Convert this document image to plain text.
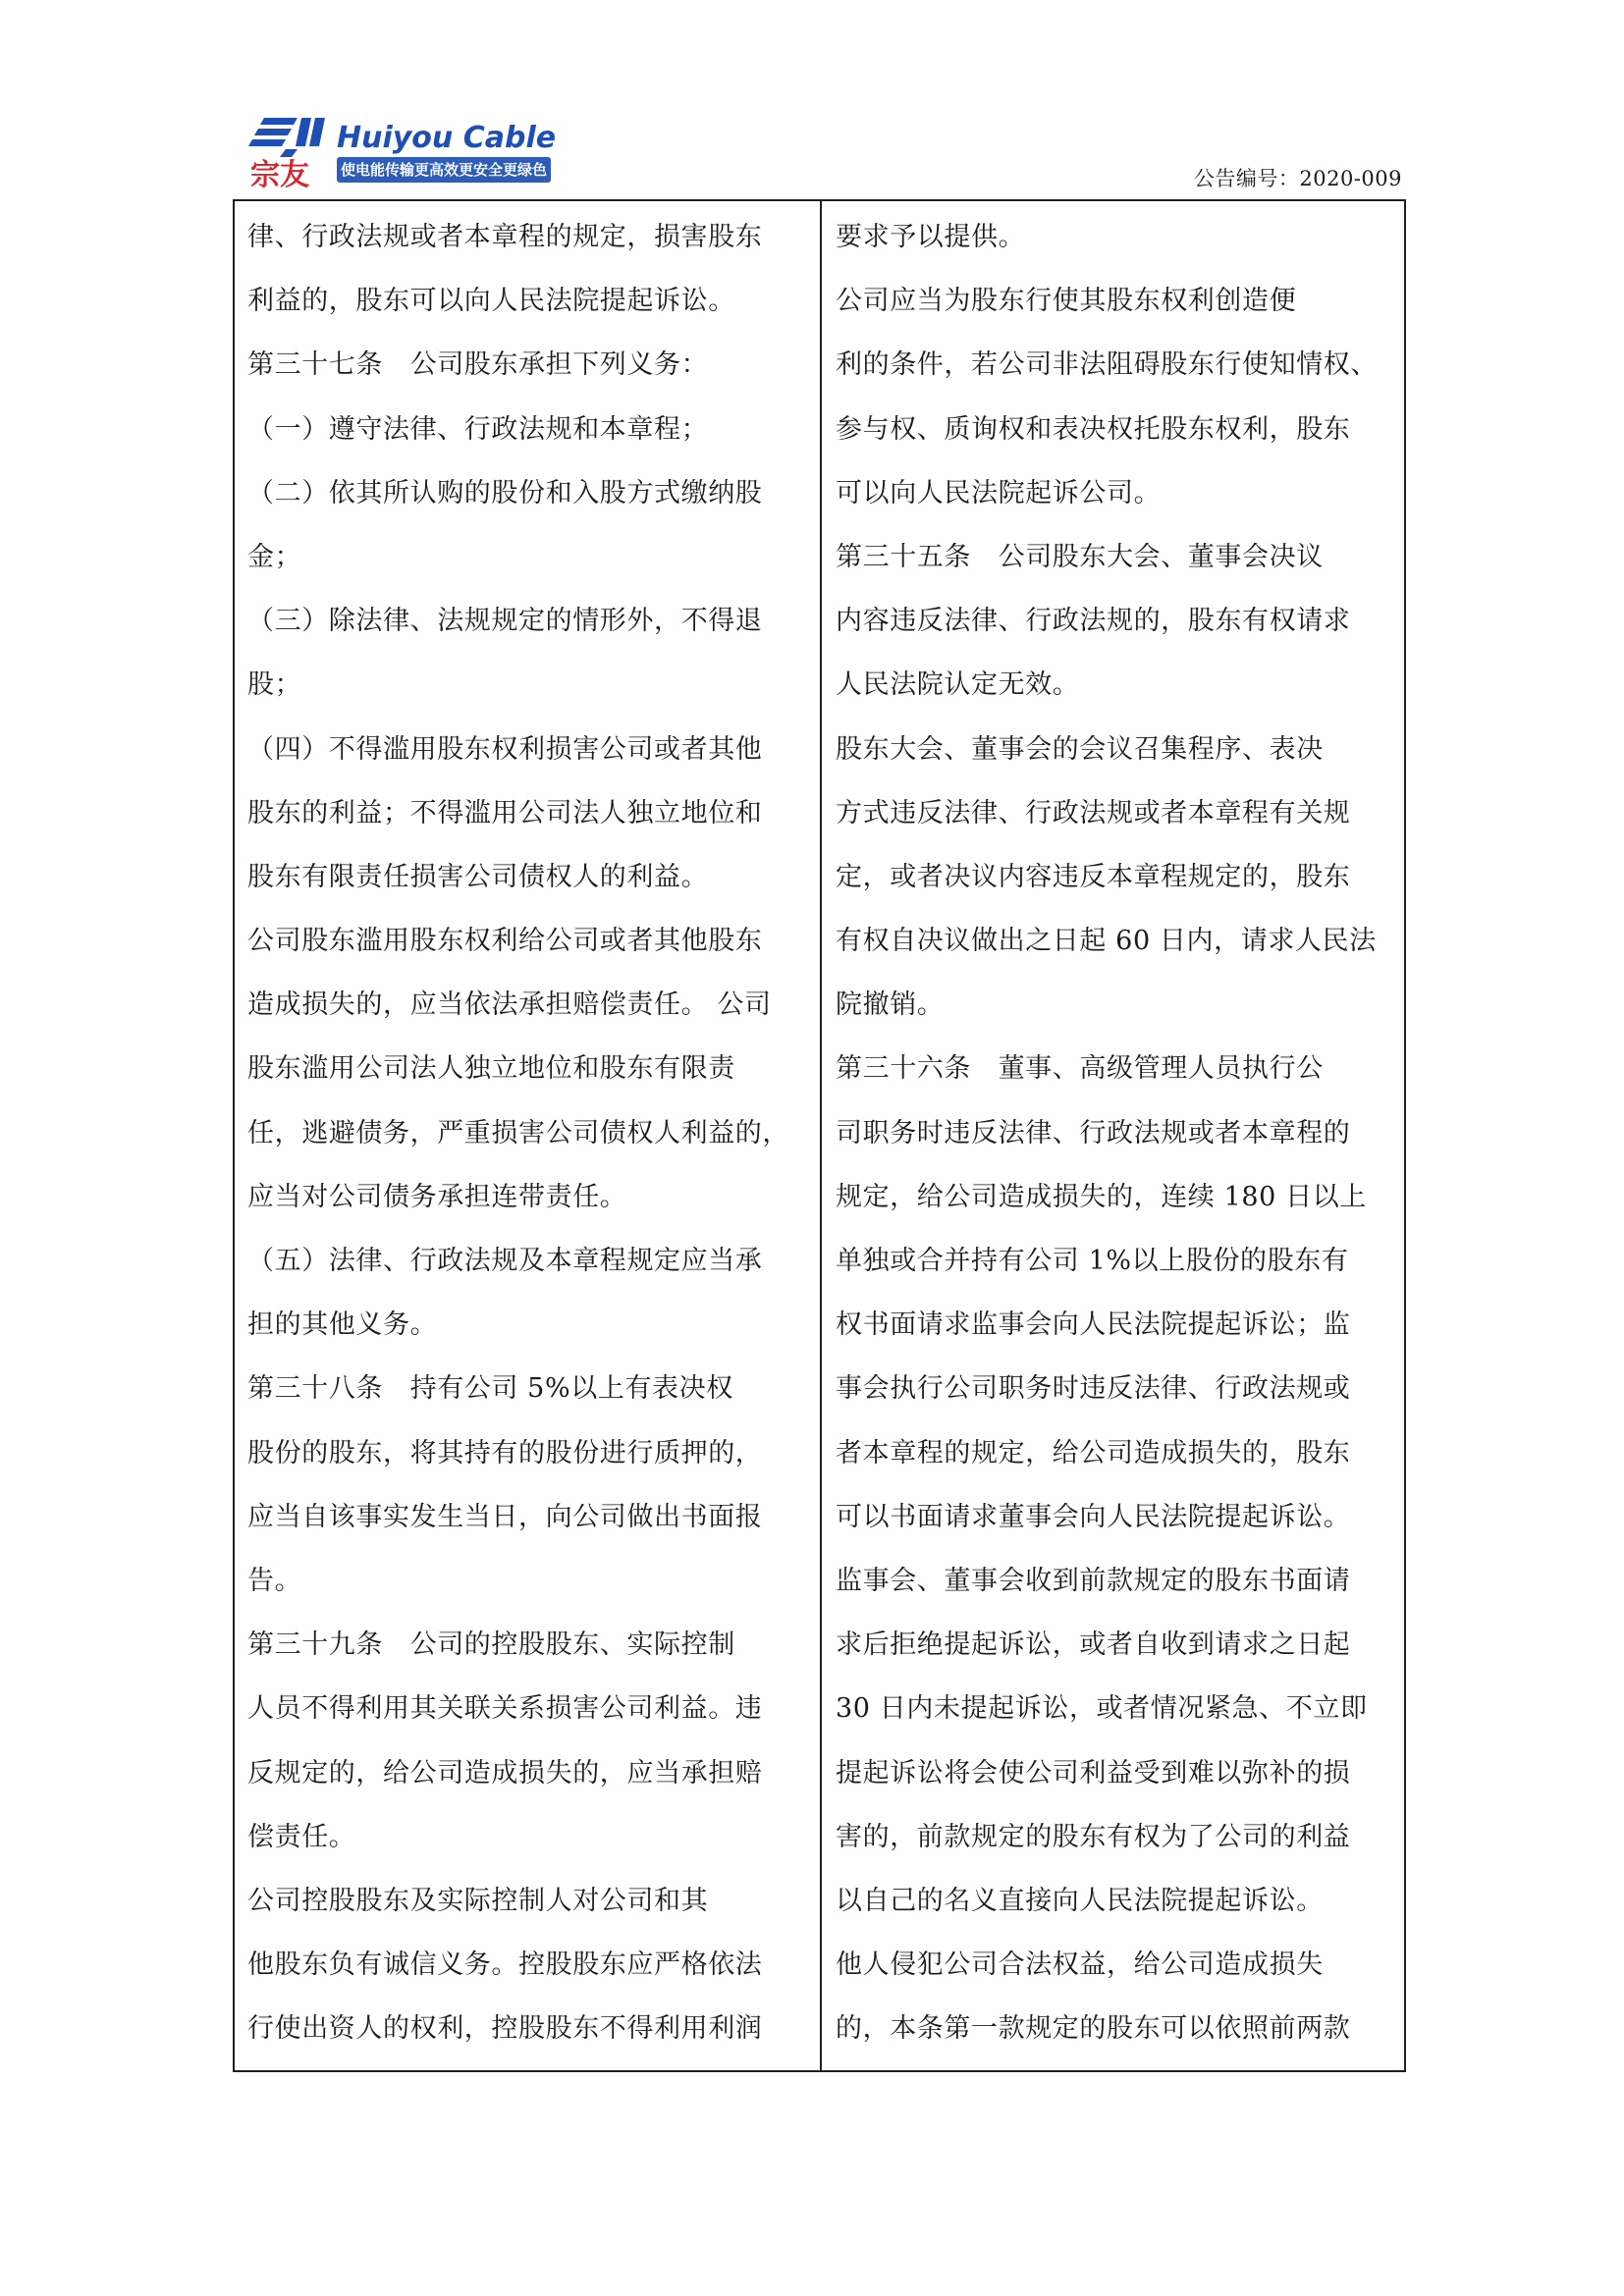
宗友
Huiyou Cable
使电能传输更高效更安全更绿色	公告编号：2020-009
律、行政法规或者本章程的规定，损害股东
利益的，股东可以向人民法院提起诉讼。
第三十七条　公司股东承担下列义务：
（一）遵守法律、行政法规和本章程；
（二）依其所认购的股份和入股方式缴纳股
金；
（三）除法律、法规规定的情形外，不得退
股；
（四）不得滥用股东权利损害公司或者其他
股东的利益；不得滥用公司法人独立地位和
股东有限责任损害公司债权人的利益。
公司股东滥用股东权利给公司或者其他股东
造成损失的，应当依法承担赔偿责任。 公司
股东滥用公司法人独立地位和股东有限责
任，逃避债务，严重损害公司债权人利益的，
应当对公司债务承担连带责任。
（五）法律、行政法规及本章程规定应当承
担的其他义务。
第三十八条　持有公司 5%以上有表决权
股份的股东，将其持有的股份进行质押的，
应当自该事实发生当日，向公司做出书面报
告。
第三十九条　公司的控股股东、实际控制
人员不得利用其关联关系损害公司利益。违
反规定的，给公司造成损失的，应当承担赔
偿责任。
公司控股股东及实际控制人对公司和其
他股东负有诚信义务。控股股东应严格依法
行使出资人的权利，控股股东不得利用利润
要求予以提供。
公司应当为股东行使其股东权利创造便
利的条件，若公司非法阻碍股东行使知情权、
参与权、质询权和表决权托股东权利，股东
可以向人民法院起诉公司。
第三十五条　公司股东大会、董事会决议
内容违反法律、行政法规的，股东有权请求
人民法院认定无效。
股东大会、董事会的会议召集程序、表决
方式违反法律、行政法规或者本章程有关规
定，或者决议内容违反本章程规定的，股东
有权自决议做出之日起 60 日内，请求人民法
院撤销。
第三十六条　董事、高级管理人员执行公
司职务时违反法律、行政法规或者本章程的
规定，给公司造成损失的，连续 180 日以上
单独或合并持有公司 1%以上股份的股东有
权书面请求监事会向人民法院提起诉讼；监
事会执行公司职务时违反法律、行政法规或
者本章程的规定，给公司造成损失的，股东
可以书面请求董事会向人民法院提起诉讼。
监事会、董事会收到前款规定的股东书面请
求后拒绝提起诉讼，或者自收到请求之日起
30 日内未提起诉讼，或者情况紧急、不立即
提起诉讼将会使公司利益受到难以弥补的损
害的，前款规定的股东有权为了公司的利益
以自己的名义直接向人民法院提起诉讼。
他人侵犯公司合法权益，给公司造成损失
的，本条第一款规定的股东可以依照前两款
